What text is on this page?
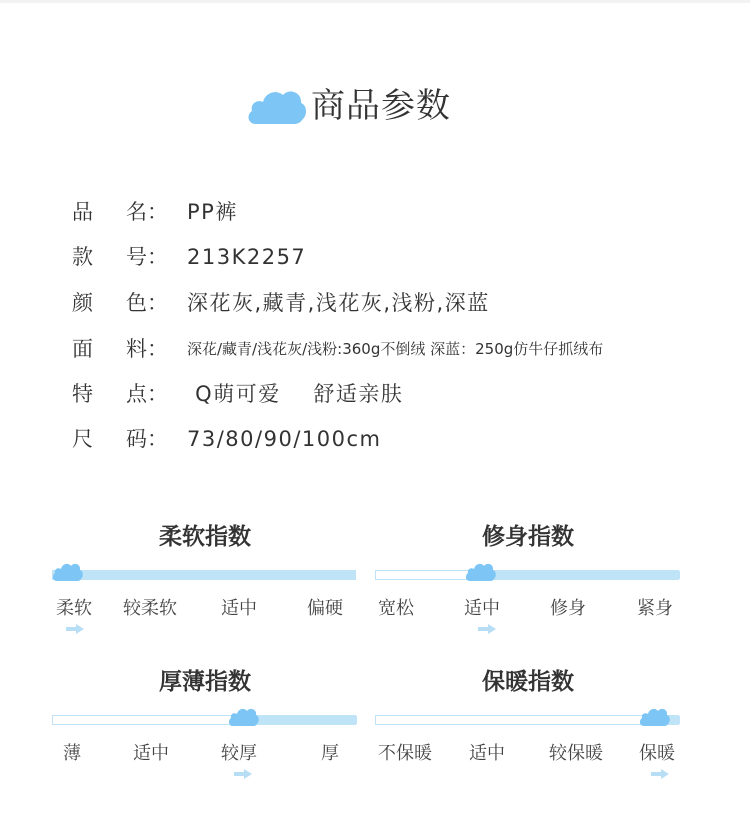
商品参数
品 名： PP裤
款 号： 213K2257
颜 色： 深花灰,藏青,浅花灰,浅粉,深蓝
面 料： 深花/藏青/浅花灰/浅粉:360g不倒绒 深蓝：250g仿牛仔抓绒布
特 点： Q萌可爱    舒适亲肤
尺 码： 73/80/90/100cm
柔软指数
柔软 较柔软 适中	偏硬
修身指数
宽松	适中	修身	紧身
厚薄指数
薄	适中	较厚	厚
保暖指数
不保暖 适中 较保暖 保暖
